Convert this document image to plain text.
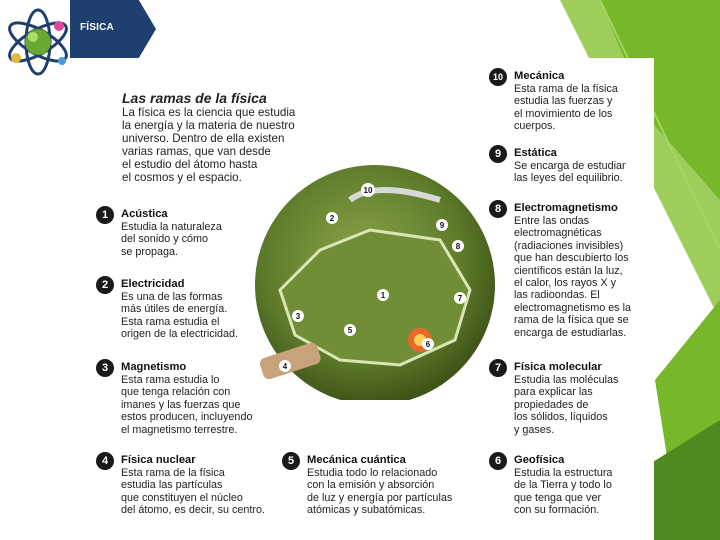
FÍSICA
Las ramas de la física
La física es la ciencia que estudia
la energía y la materia de nuestro
universo. Dentro de ella existen
varias ramas, que van desde
el estudio del átomo hasta
el cosmos y el espacio.
1
2
3
4
5
6
7
8
9
10
1	Acústica
Estudia la naturaleza
del sonido y cómo
se propaga.
2	Electricidad
Es una de las formas
más útiles de energía.
Esta rama estudia el
origen de la electricidad.
3	Magnetismo
Esta rama estudia lo
que tenga relación con
imanes y las fuerzas que
estos producen, incluyendo
el magnetismo terrestre.
4	Física nuclear
Esta rama de la física
estudia las partículas
que constituyen el núcleo
del átomo, es decir, su centro.
5	Mecánica cuántica
Estudia todo lo relacionado
con la emisión y absorción
de luz y energía por partículas
atómicas y subatómicas.
6	Geofísica
Estudia la estructura
de la Tierra y todo lo
que tenga que ver
con su formación.
7	Física molecular
Estudia las moléculas
para explicar las
propiedades de
los sólidos, líquidos
y gases.
8	Electromagnetismo
Entre las ondas
electromagnéticas
(radiaciones invisibles)
que han descubierto los
científicos están la luz,
el calor, los rayos X y
las radioondas. El
electromagnetismo es la
rama de la física que se
encarga de estudiarlas.
9	Estática
Se encarga de estudiar
las leyes del equilibrio.
10 Mecánica
Esta rama de la física
estudia las fuerzas y
el movimiento de los
cuerpos.
